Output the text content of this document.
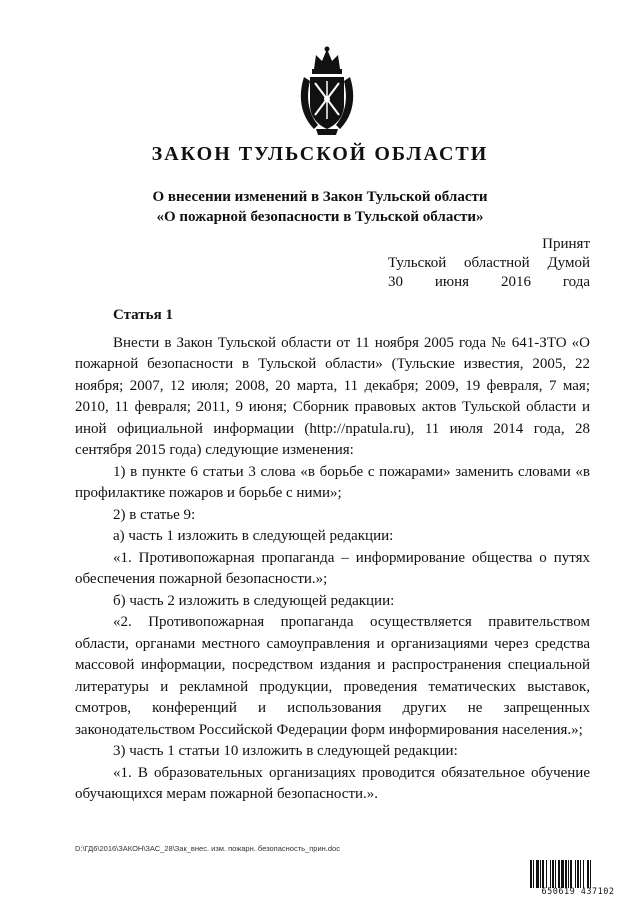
ЗАКОН ТУЛЬСКОЙ ОБЛАСТИ
О внесении изменений в Закон Тульской области
«О пожарной безопасности в Тульской области»
Принят
Тульской областной Думой
30 июня 2016 года

Статья 1

Внести в Закон Тульской области от 11 ноября 2005 года № 641-ЗТО «О пожарной безопасности в Тульской области» (Тульские известия, 2005, 22 ноября; 2007, 12 июля; 2008, 20 марта, 11 декабря; 2009, 19 февраля, 7 мая; 2010, 11 февраля; 2011, 9 июня; Сборник правовых актов Тульской области и иной официальной информации (http://npatula.ru), 11 июля 2014 года, 28 сентября 2015 года) следующие изменения:

1) в пункте 6 статьи 3 слова «в борьбе с пожарами» заменить словами «в профилактике пожаров и борьбе с ними»;

2) в статье 9:

а) часть 1 изложить в следующей редакции:

«1. Противопожарная пропаганда – информирование общества о путях обеспечения пожарной безопасности.»;

б) часть 2 изложить в следующей редакции:

«2. Противопожарная пропаганда осуществляется правительством области, органами местного самоуправления и организациями через средства массовой информации, посредством издания и распространения специальной литературы и рекламной продукции, проведения тематических выставок, смотров, конференций и использования других не запрещенных законодательством Российской Федерации форм информирования населения.»;

3) часть 1 статьи 10 изложить в следующей редакции:

«1. В образовательных организациях проводится обязательное обучение обучающихся мерам пожарной безопасности.».

D:\ГД6\2016\ЗАКОН\ЗАС_28\Зак_внес. изм. пожарн. безопасность_прин.doc
650619 437102
